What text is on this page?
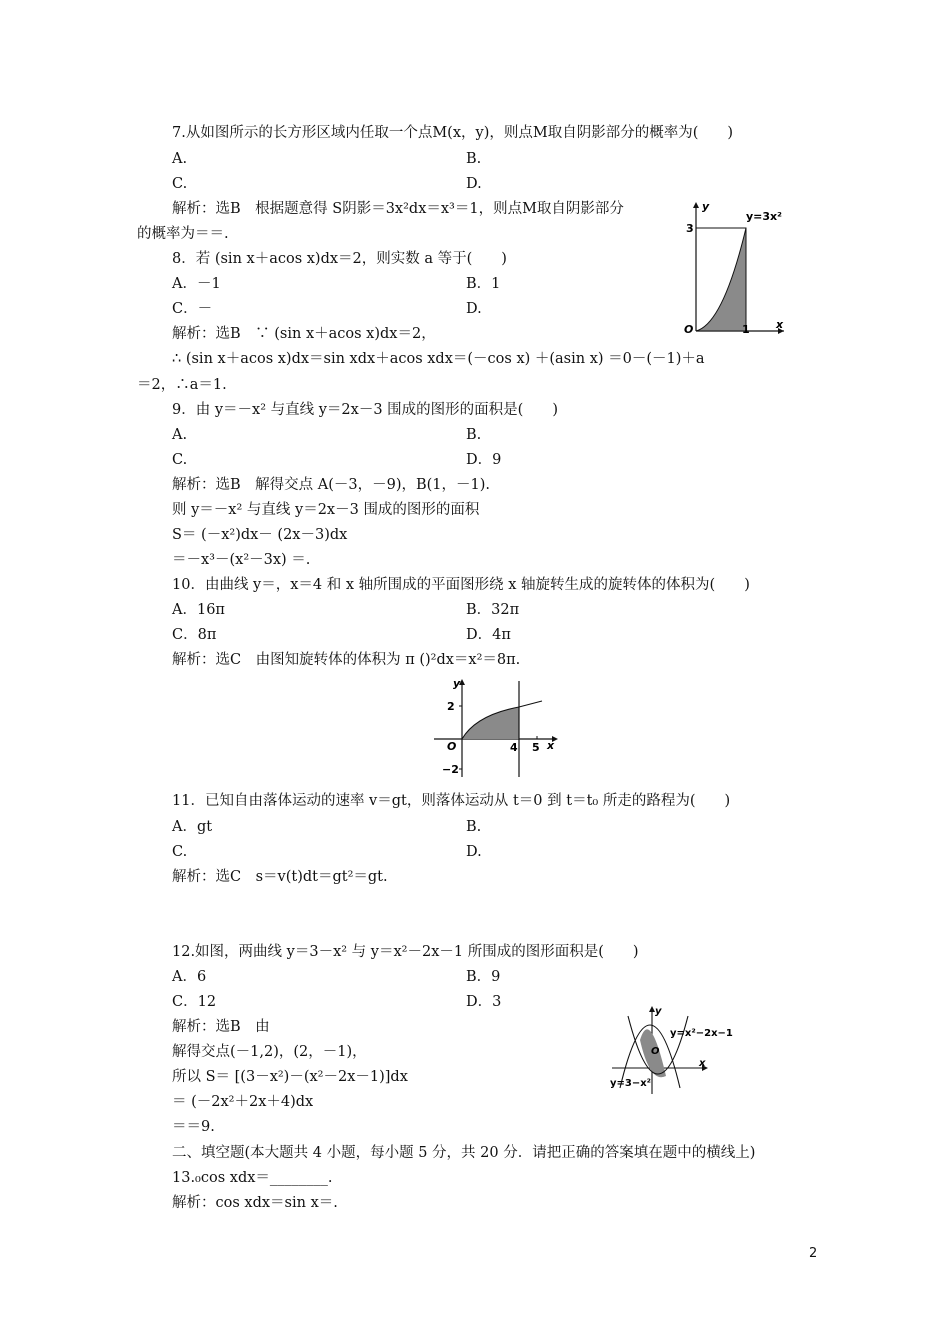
7.从如图所示的长方形区域内任取一个点M(x，y)，则点M取自阴影部分的概率为(　　)
A.	B.
C.	D.
解析：选B　根据题意得 S阴影＝3x²dx＝x³＝1，则点M取自阴影部分
的概率为＝＝.
y
x
O
3
1
y=3x²
8．若 (sin x＋acos x)dx＝2，则实数 a 等于(　　)
A．－1	B．1
C．－	D.
解析：选B　∵ (sin x＋acos x)dx＝2，
∴ (sin x＋acos x)dx＝sin xdx＋acos xdx＝(－cos x) ＋(asin x) ＝0－(－1)＋a
＝2，∴a＝1.
9．由 y＝－x² 与直线 y＝2x－3 围成的图形的面积是(　　)
A.	B.
C.	D．9
解析：选B　解得交点 A(－3，－9)，B(1，－1).
则 y＝－x² 与直线 y＝2x－3 围成的图形的面积
S＝ (－x²)dx－ (2x－3)dx
＝－x³－(x²－3x) ＝.
10．由曲线 y＝，x＝4 和 x 轴所围成的平面图形绕 x 轴旋转生成的旋转体的体积为(　　)
A．16π	B．32π
C．8π	D．4π
解析：选C　由图知旋转体的体积为 π ()²dx＝x²＝8π.
y
x
O
2
−2
4 5
11．已知自由落体运动的速率 v＝gt，则落体运动从 t＝0 到 t＝t₀ 所走的路程为(　　)
A．gt	B.
C.	D.
解析：选C　s＝v(t)dt＝gt²＝gt.
12.如图，两曲线 y＝3－x² 与 y＝x²－2x－1 所围成的图形面积是(　　)
A．6	B．9
C．12	D．3
解析：选B　由
解得交点(－1,2)，(2，－1)，
所以 S＝ [(3－x²)－(x²－2x－1)]dx
＝ (－2x²＋2x＋4)dx
＝＝9.
y
x
O
y=x²−2x−1
y=3−x²
二、填空题(本大题共 4 小题，每小题 5 分，共 20 分．请把正确的答案填在题中的横线上)
13.₀cos xdx＝________.
解析：cos xdx＝sin x＝.
2
